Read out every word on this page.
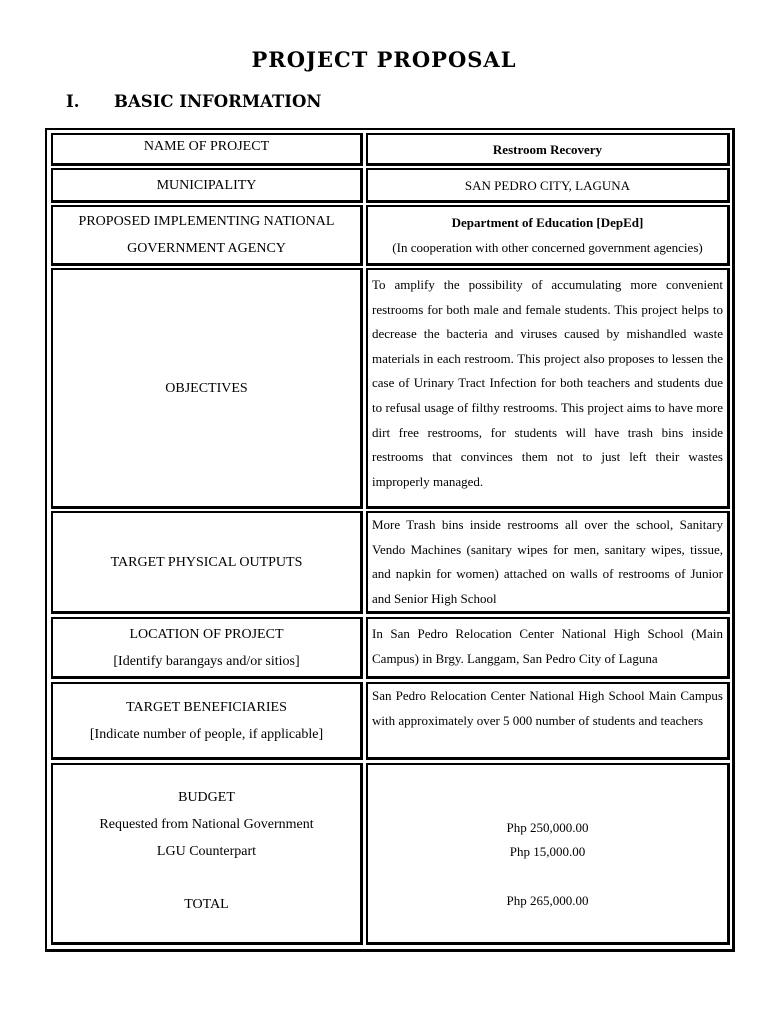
PROJECT PROPOSAL
I. BASIC INFORMATION
NAME OF PROJECT	Restroom Recovery
MUNICIPALITY	SAN PEDRO CITY, LAGUNA
PROPOSED IMPLEMENTING NATIONAL
GOVERNMENT AGENCY
Department of Education [DepEd]
(In cooperation with other concerned government agencies)
OBJECTIVES
To amplify the possibility of accumulating more convenient restrooms for both male and female students. This project helps to decrease the bacteria and viruses caused by mishandled waste materials in each restroom. This project also proposes to lessen the case of Urinary Tract Infection for both teachers and students due to refusal usage of filthy restrooms. This project aims to have more dirt free restrooms, for students will have trash bins inside restrooms that convinces them not to just left their wastes improperly managed.
TARGET PHYSICAL OUTPUTS
More Trash bins inside restrooms all over the school, Sanitary Vendo Machines (sanitary wipes for men, sanitary wipes, tissue, and napkin for women) attached on walls of restrooms of Junior and Senior High School
LOCATION OF PROJECT
[Identify barangays and/or sitios]
In San Pedro Relocation Center National High School (Main Campus) in Brgy. Langgam, San Pedro City of Laguna
TARGET BENEFICIARIES
[Indicate number of people, if applicable]
San Pedro Relocation Center National High School Main Campus with approximately over 5 000 number of students and teachers
BUDGET
Requested from National Government
LGU Counterpart
TOTAL
Php 250,000.00
Php 15,000.00
Php 265,000.00
